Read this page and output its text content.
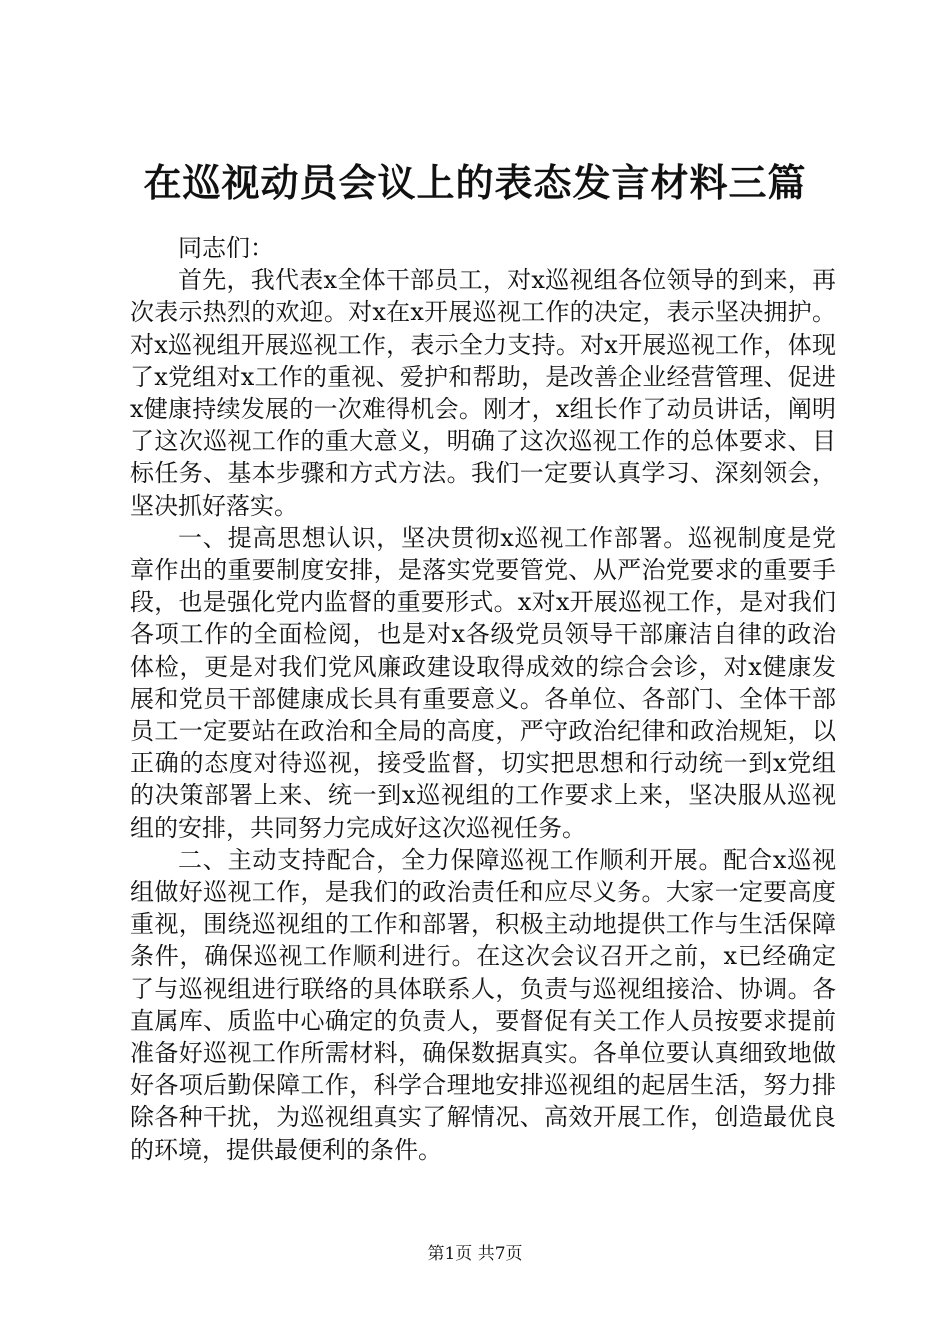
在巡视动员会议上的表态发言材料三篇

同志们：

首先，我代表x全体干部员工，对x巡视组各位领导的到来，再次表示热烈的欢迎。对x在x开展巡视工作的决定，表示坚决拥护。对x巡视组开展巡视工作，表示全力支持。对x开展巡视工作，体现了x党组对x工作的重视、爱护和帮助，是改善企业经营管理、促进x健康持续发展的一次难得机会。刚才，x组长作了动员讲话，阐明了这次巡视工作的重大意义，明确了这次巡视工作的总体要求、目标任务、基本步骤和方式方法。我们一定要认真学习、深刻领会，坚决抓好落实。

一、提高思想认识，坚决贯彻x巡视工作部署。巡视制度是党章作出的重要制度安排，是落实党要管党、从严治党要求的重要手段，也是强化党内监督的重要形式。x对x开展巡视工作，是对我们各项工作的全面检阅，也是对x各级党员领导干部廉洁自律的政治体检，更是对我们党风廉政建设取得成效的综合会诊，对x健康发展和党员干部健康成长具有重要意义。各单位、各部门、全体干部员工一定要站在政治和全局的高度，严守政治纪律和政治规矩，以正确的态度对待巡视，接受监督，切实把思想和行动统一到x党组的决策部署上来、统一到x巡视组的工作要求上来，坚决服从巡视组的安排，共同努力完成好这次巡视任务。

二、主动支持配合，全力保障巡视工作顺利开展。配合x巡视组做好巡视工作，是我们的政治责任和应尽义务。大家一定要高度重视，围绕巡视组的工作和部署，积极主动地提供工作与生活保障条件，确保巡视工作顺利进行。在这次会议召开之前，x已经确定了与巡视组进行联络的具体联系人，负责与巡视组接洽、协调。各直属库、质监中心确定的负责人，要督促有关工作人员按要求提前准备好巡视工作所需材料，确保数据真实。各单位要认真细致地做好各项后勤保障工作，科学合理地安排巡视组的起居生活，努力排除各种干扰，为巡视组真实了解情况、高效开展工作，创造最优良的环境，提供最便利的条件。

第1页 共7页
